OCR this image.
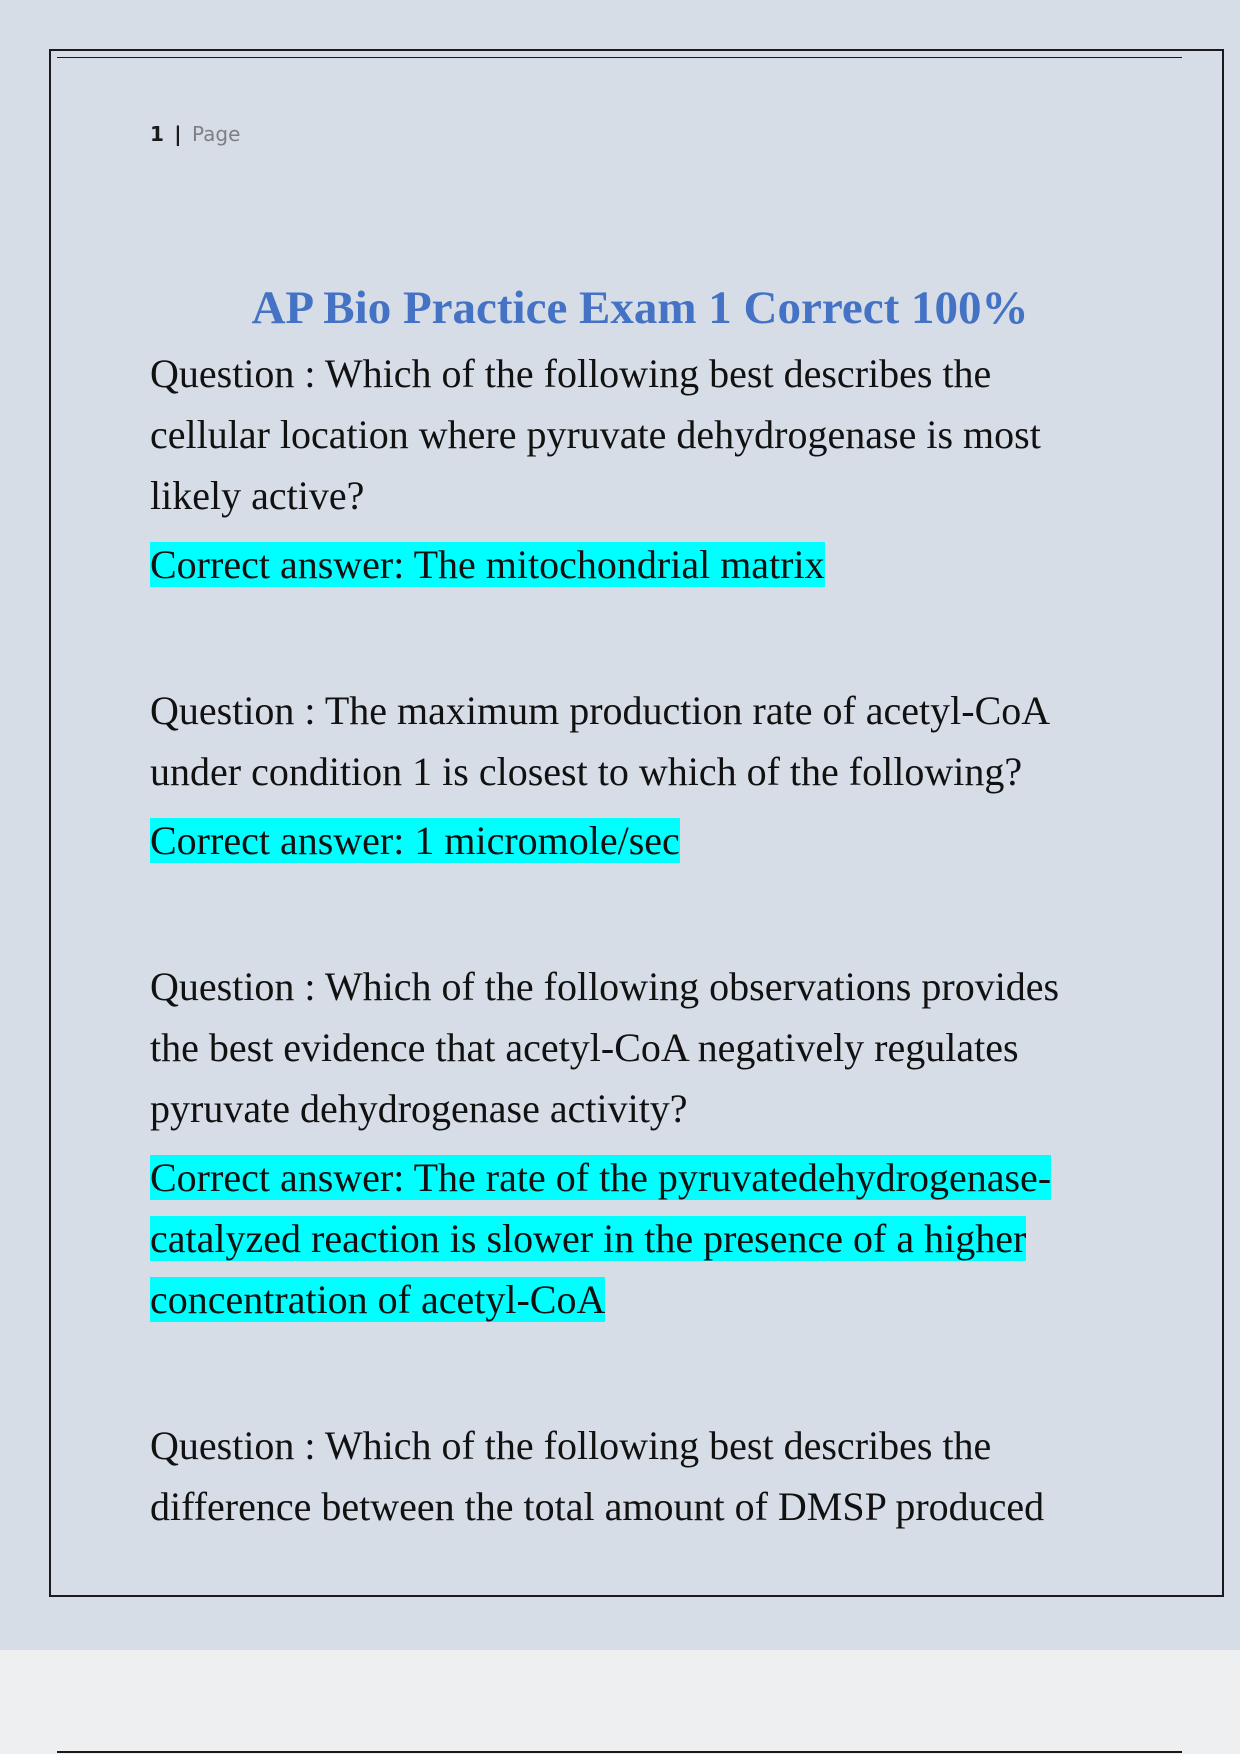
1 | Page
AP Bio Practice Exam 1 Correct 100%

Question : Which of the following best describes the cellular location where pyruvate dehydrogenase is most likely active?

Correct answer: The mitochondrial matrix

Question : The maximum production rate of acetyl-CoA under condition 1 is closest to which of the following?

Correct answer: 1 micromole/sec

Question : Which of the following observations provides the best evidence that acetyl-CoA negatively regulates pyruvate dehydrogenase activity?

Correct answer: The rate of the pyruvatedehydrogenase-catalyzed reaction is slower in the presence of a higher concentration of acetyl-CoA

Question : Which of the following best describes the difference between the total amount of DMSP produced
